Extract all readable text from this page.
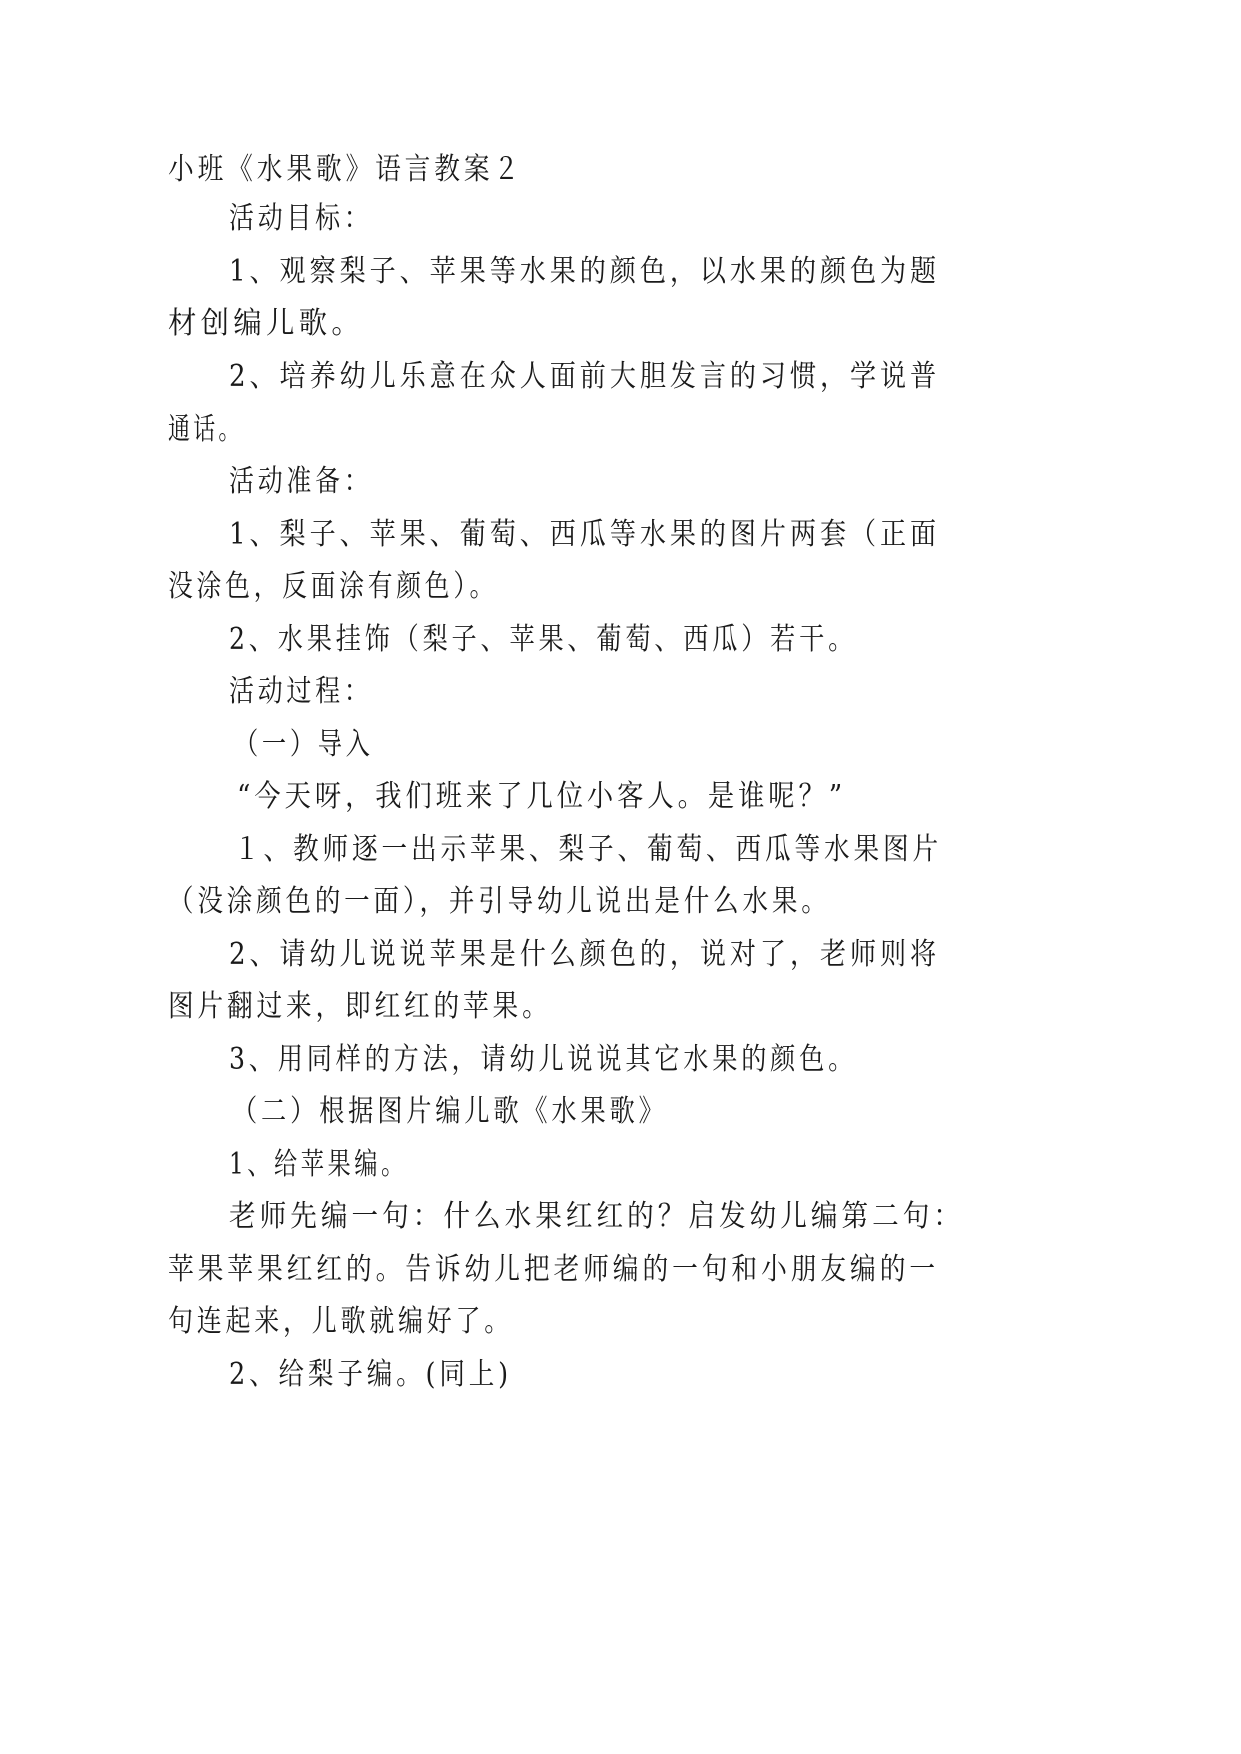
小班《水果歌》语言教案２
活动目标：
1、观察梨子、苹果等水果的颜色，以水果的颜色为题
材创编儿歌。
2、培养幼儿乐意在众人面前大胆发言的习惯，学说普
通话。
活动准备：
1、梨子、苹果、葡萄、西瓜等水果的图片两套（正面
没涂色，反面涂有颜色）。
2、水果挂饰（梨子、苹果、葡萄、西瓜）若干。
活动过程：
（一）导入
“今天呀，我们班来了几位小客人。是谁呢？”
１、教师逐一出示苹果、梨子、葡萄、西瓜等水果图片
（没涂颜色的一面），并引导幼儿说出是什么水果。
2、请幼儿说说苹果是什么颜色的，说对了，老师则将
图片翻过来，即红红的苹果。
3、用同样的方法，请幼儿说说其它水果的颜色。
（二）根据图片编儿歌《水果歌》
1、给苹果编。
老师先编一句：什么水果红红的？启发幼儿编第二句：
苹果苹果红红的。告诉幼儿把老师编的一句和小朋友编的一
句连起来，儿歌就编好了。
2、给梨子编。(同上)
